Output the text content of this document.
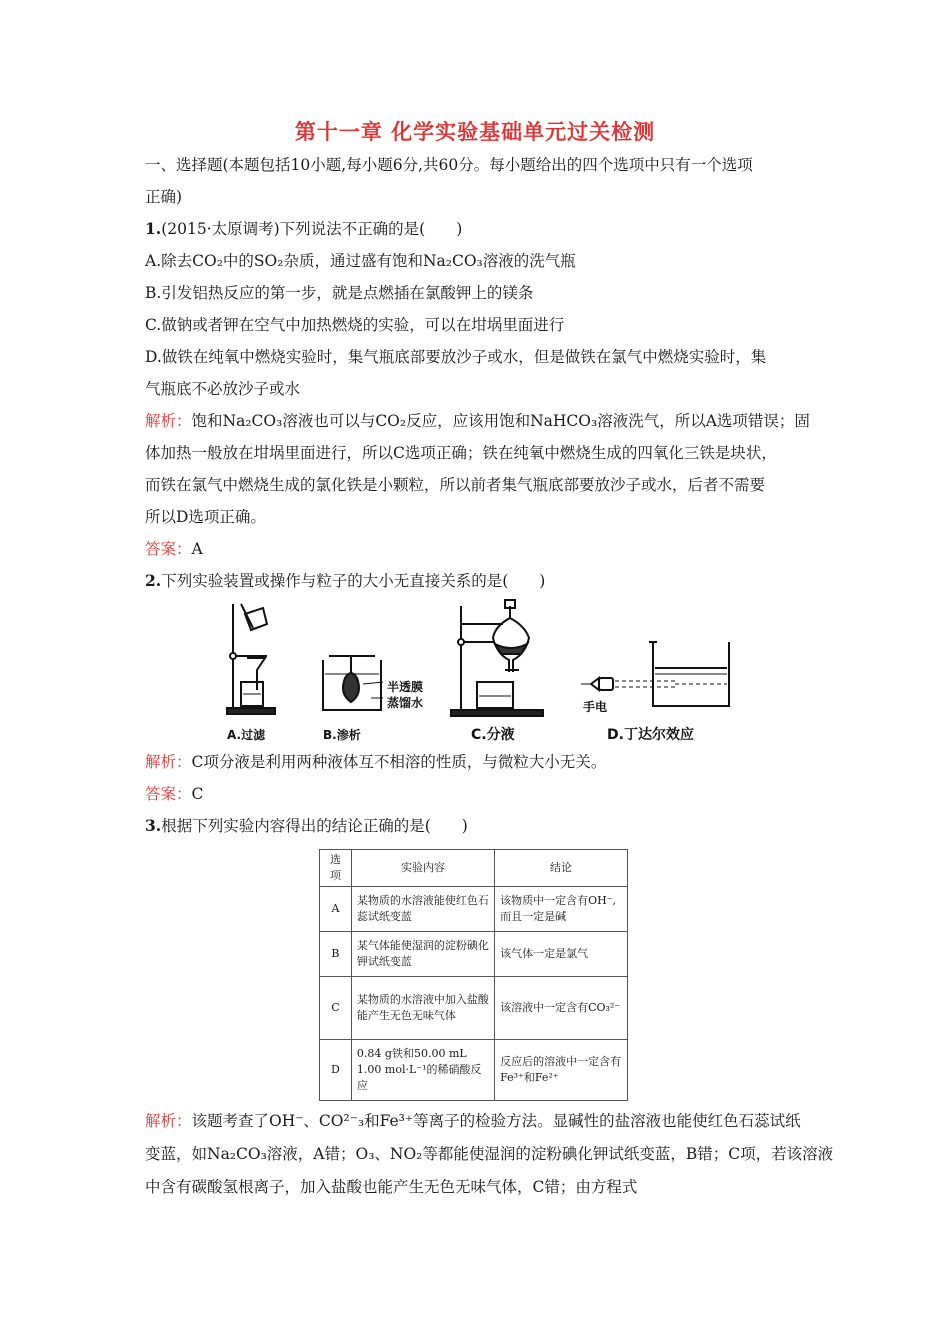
第十一章 化学实验基础单元过关检测
一、选择题(本题包括10小题,每小题6分,共60分。每小题给出的四个选项中只有一个选项
正确)
1.(2015·太原调考)下列说法不正确的是(　　)
A.除去CO₂中的SO₂杂质，通过盛有饱和Na₂CO₃溶液的洗气瓶
B.引发铝热反应的第一步，就是点燃插在氯酸钾上的镁条
C.做钠或者钾在空气中加热燃烧的实验，可以在坩埚里面进行
D.做铁在纯氧中燃烧实验时，集气瓶底部要放沙子或水，但是做铁在氯气中燃烧实验时，集
气瓶底不必放沙子或水
解析：饱和Na₂CO₃溶液也可以与CO₂反应，应该用饱和NaHCO₃溶液洗气，所以A选项错误；固
体加热一般放在坩埚里面进行，所以C选项正确；铁在纯氧中燃烧生成的四氧化三铁是块状，
而铁在氯气中燃烧生成的氯化铁是小颗粒，所以前者集气瓶底部要放沙子或水，后者不需要
所以D选项正确。
答案：A
2.下列实验装置或操作与粒子的大小无直接关系的是(　　)
半透膜
蒸馏水	手电
A.过滤	B.渗析	C.分液	D.丁达尔效应
解析：C项分液是利用两种液体互不相溶的性质，与微粒大小无关。
答案：C
3.根据下列实验内容得出的结论正确的是(　　)
选项	实验内容	结论
A	某物质的水溶液能使红色石蕊试纸变蓝	该物质中一定含有OH⁻,而且一定是碱
B	某气体能使湿润的淀粉碘化钾试纸变蓝	该气体一定是氯气
C	某物质的水溶液中加入盐酸能产生无色无味气体	该溶液中一定含有CO₃²⁻
D	0.84 g铁和50.00 mL 1.00 mol·L⁻¹的稀硝酸反应	反应后的溶液中一定含有Fe³⁺和Fe²⁺
解析：该题考查了OH⁻、CO²⁻₃和Fe³⁺等离子的检验方法。显碱性的盐溶液也能使红色石蕊试纸
变蓝，如Na₂CO₃溶液，A错；O₃、NO₂等都能使湿润的淀粉碘化钾试纸变蓝，B错；C项，若该溶液
中含有碳酸氢根离子，加入盐酸也能产生无色无味气体，C错；由方程式
